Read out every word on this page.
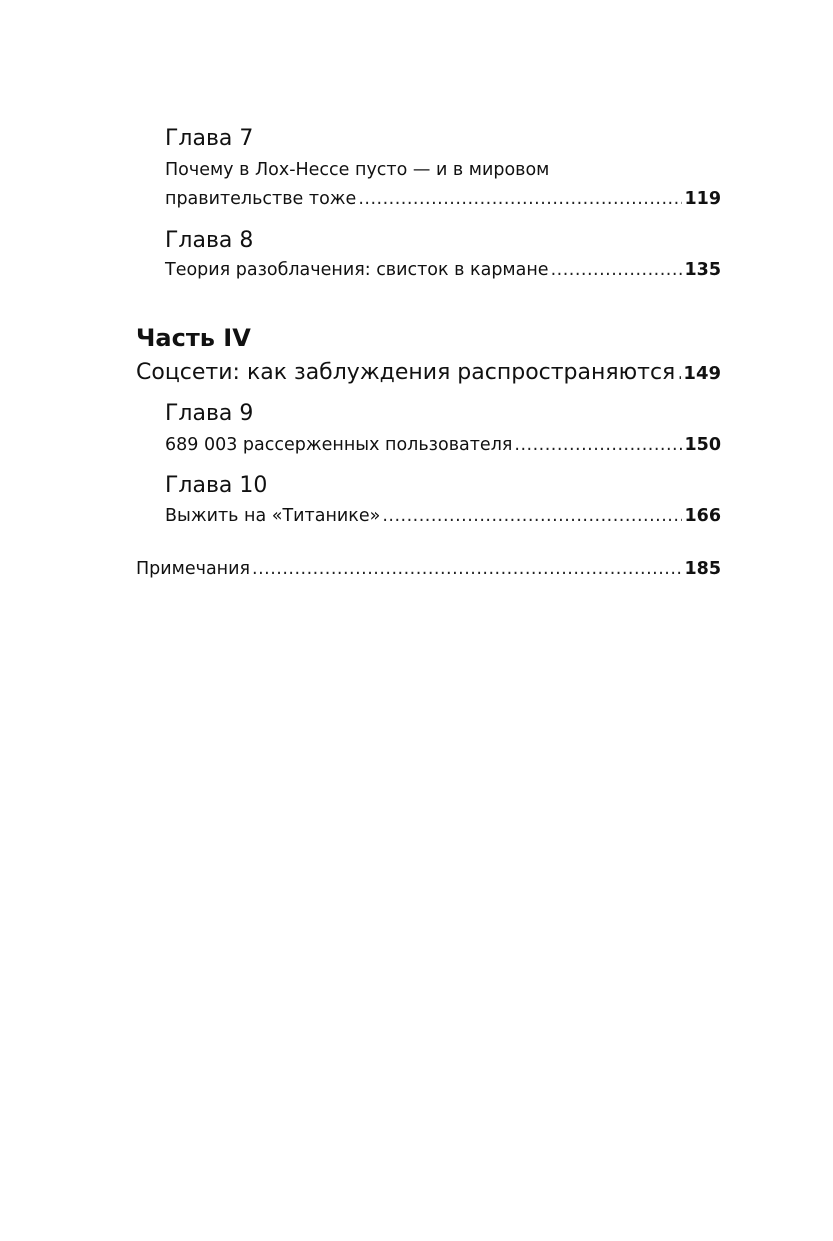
Глава 7
Почему в Лох-Нессе пусто — и в мировом
правительстве тоже .....	119
Глава 8
Теория разоблачения: свисток в кармане .....	135
Часть IV
Соцсети: как заблуждения распространяются ..... 149
Глава 9
689 003 рассерженных пользователя .....	150
Глава 10
Выжить на «Титанике» .....	166
Примечания .....	185
